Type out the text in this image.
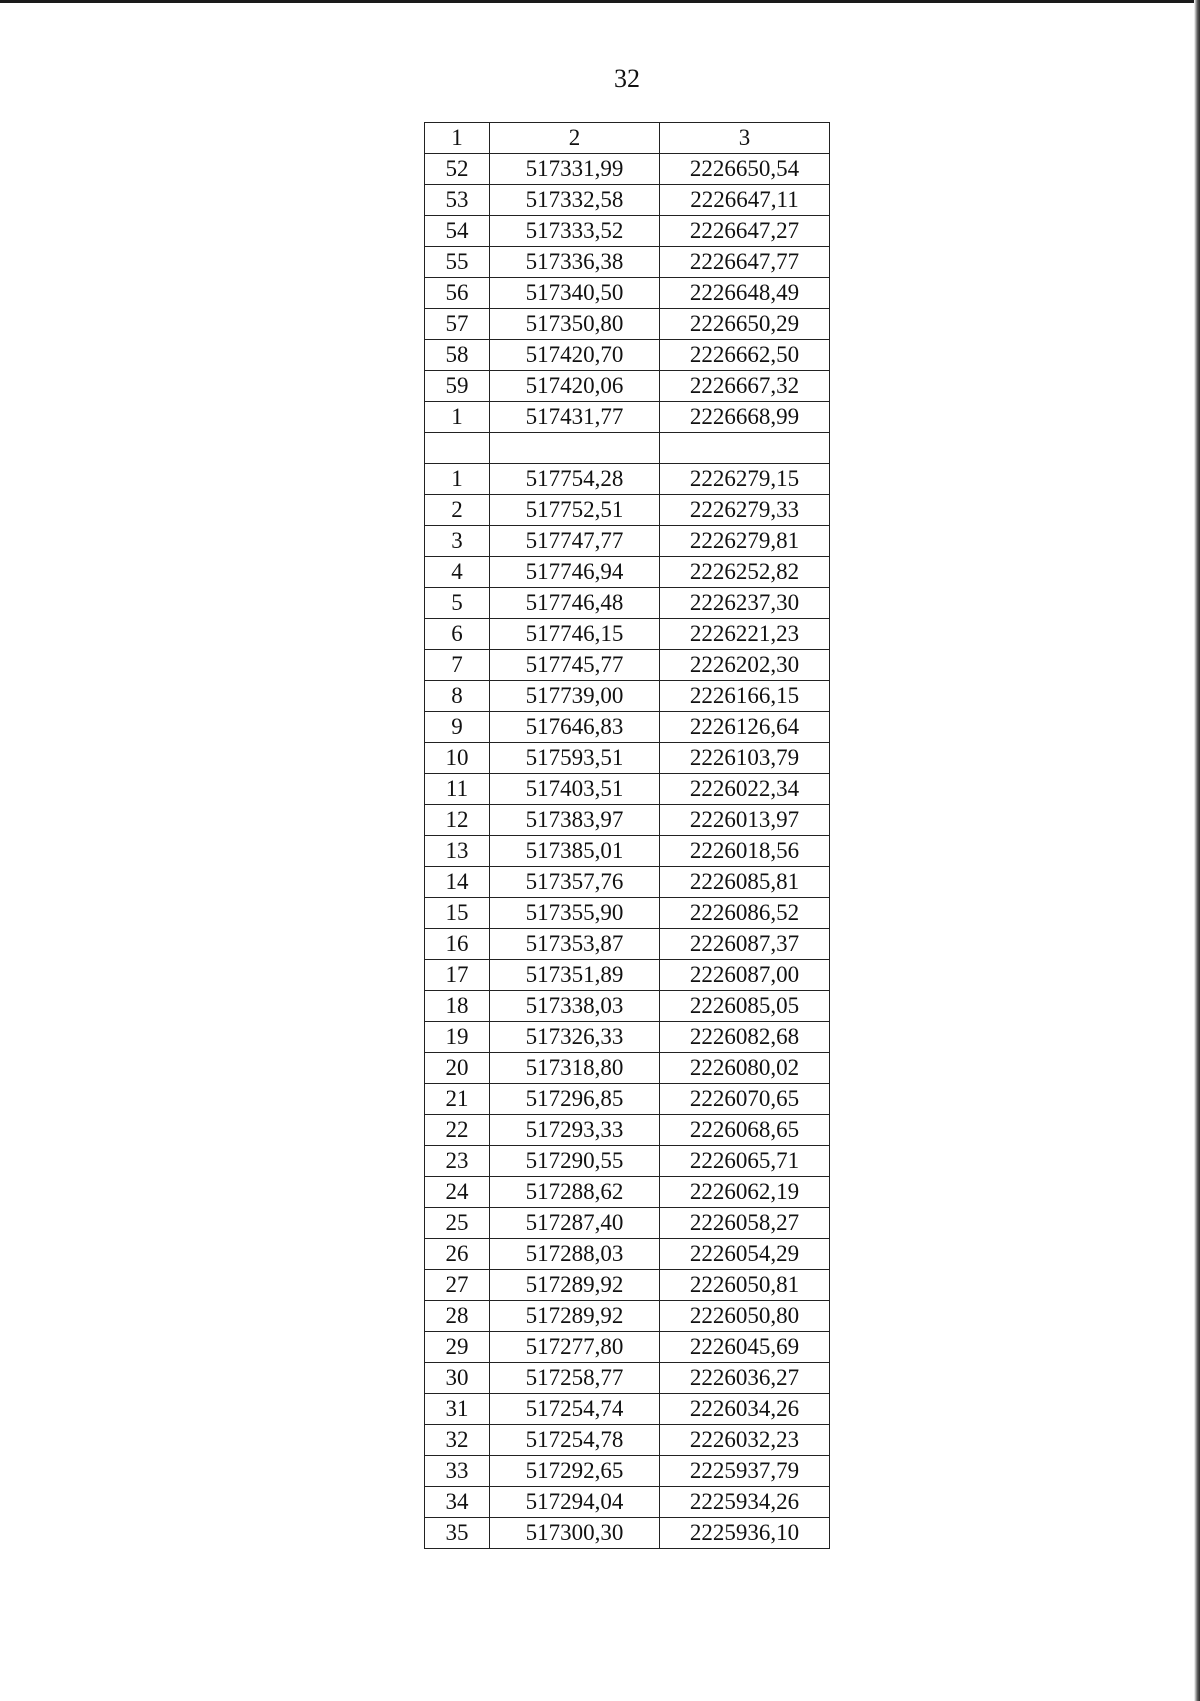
32
1	2	3
52	517331,99	2226650,54
53	517332,58	2226647,11
54	517333,52	2226647,27
55	517336,38	2226647,77
56	517340,50	2226648,49
57	517350,80	2226650,29
58	517420,70	2226662,50
59	517420,06	2226667,32
1	517431,77	2226668,99

1	517754,28	2226279,15
2	517752,51	2226279,33
3	517747,77	2226279,81
4	517746,94	2226252,82
5	517746,48	2226237,30
6	517746,15	2226221,23
7	517745,77	2226202,30
8	517739,00	2226166,15
9	517646,83	2226126,64
10	517593,51	2226103,79
11	517403,51	2226022,34
12	517383,97	2226013,97
13	517385,01	2226018,56
14	517357,76	2226085,81
15	517355,90	2226086,52
16	517353,87	2226087,37
17	517351,89	2226087,00
18	517338,03	2226085,05
19	517326,33	2226082,68
20	517318,80	2226080,02
21	517296,85	2226070,65
22	517293,33	2226068,65
23	517290,55	2226065,71
24	517288,62	2226062,19
25	517287,40	2226058,27
26	517288,03	2226054,29
27	517289,92	2226050,81
28	517289,92	2226050,80
29	517277,80	2226045,69
30	517258,77	2226036,27
31	517254,74	2226034,26
32	517254,78	2226032,23
33	517292,65	2225937,79
34	517294,04	2225934,26
35	517300,30	2225936,10
